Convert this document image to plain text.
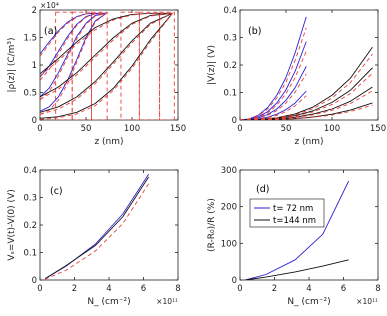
0	50	100	150
0
0.5
1
1.5
2
z (nm)
|ρ(z)| (C/m³)
×10⁴
(a)
0	50	100	150
0
0.1
0.2
0.3
0.4
z (nm)
|V(z)| (V)
(b)
0	2	4	6	8
0
0.1
0.2
0.3
0.4
N_ (cm⁻²)
Vₛ=V(t)-V(0) (V)
×10¹¹
(c)
0	2	4	6	8
0
100
200
300
N_ (cm⁻²)
(R-R₀)/R (%)
×10¹¹
(d)
t= 72 nm
t=144 nm
